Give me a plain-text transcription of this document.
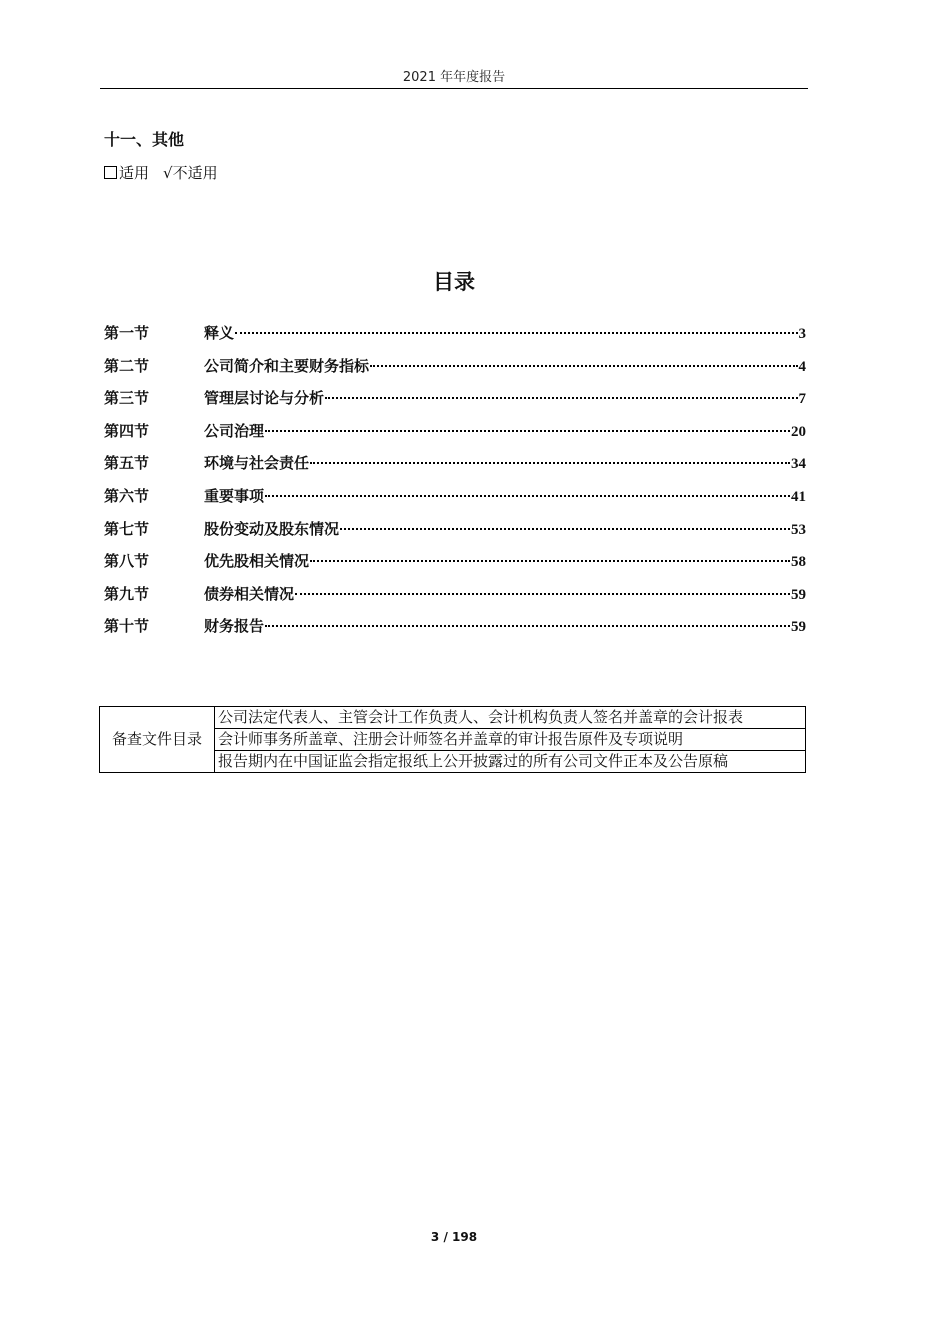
2021 年年度报告
十一、其他
适用 √ 不适用
目录
第一节	释义	3
第二节	公司简介和主要财务指标	4
第三节	管理层讨论与分析	7
第四节	公司治理	20
第五节	环境与社会责任	34
第六节	重要事项	41
第七节	股份变动及股东情况	53
第八节	优先股相关情况	58
第九节	债券相关情况	59
第十节	财务报告	59
备查文件目录	公司法定代表人、主管会计工作负责人、会计机构负责人签名并盖章的会计报表
会计师事务所盖章、注册会计师签名并盖章的审计报告原件及专项说明
报告期内在中国证监会指定报纸上公开披露过的所有公司文件正本及公告原稿
3 / 198
